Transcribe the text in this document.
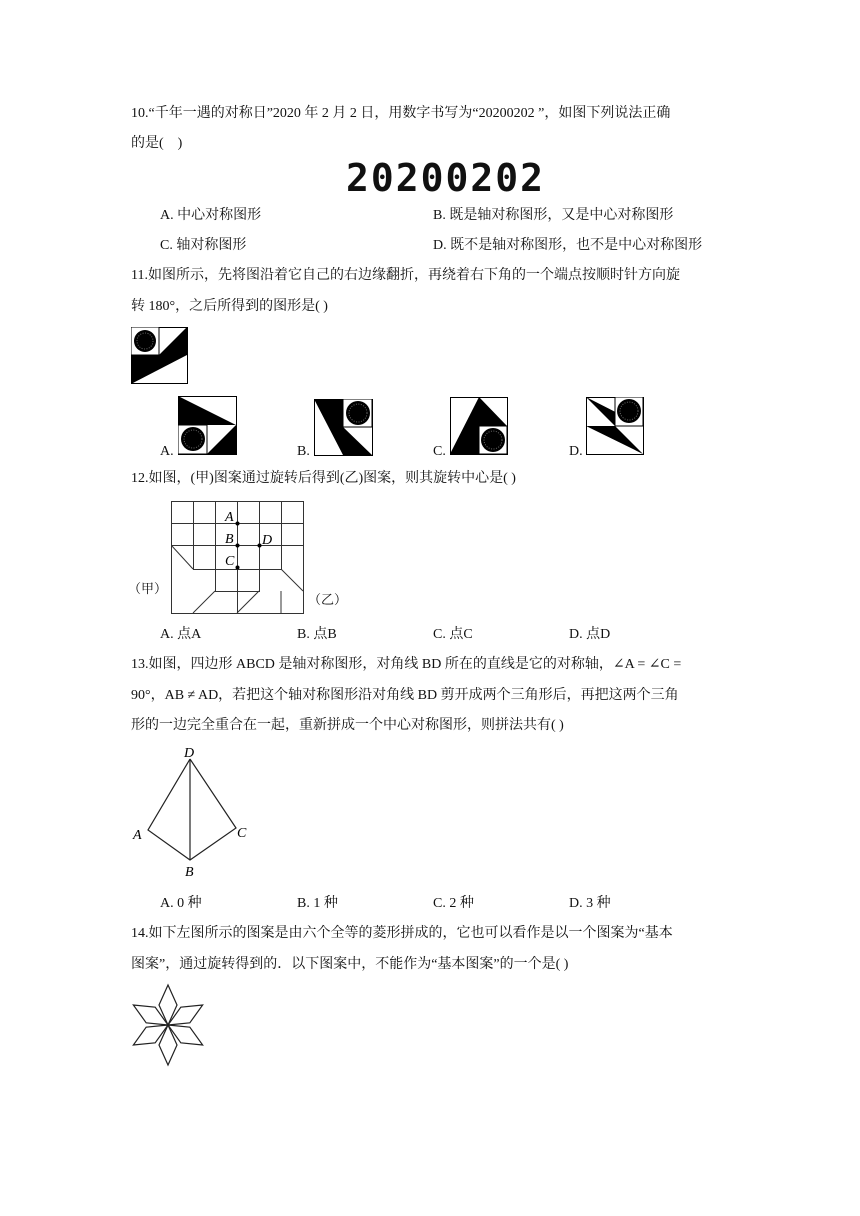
10.“千年一遇的对称日”2020 年 2 月 2 日，用数字书写为“20200202 ”，如图下列说法正确
的是(　)
20200202
A. 中心对称图形	B. 既是轴对称图形，又是中心对称图形
C. 轴对称图形	D. 既不是轴对称图形，也不是中心对称图形
11.如图所示，先将图沿着它自己的右边缘翻折，再绕着右下角的一个端点按顺时针方向旋
转 180°，之后所得到的图形是( )
A.	B.	C.	D.
12.如图，(甲)图案通过旋转后得到(乙)图案，则其旋转中心是( )
A
B
C
D
（甲）
（乙）
A. 点A	B. 点B	C. 点C	D. 点D
13.如图，四边形 ABCD 是轴对称图形，对角线 BD 所在的直线是它的对称轴，∠A = ∠C =
90°，AB ≠ AD，若把这个轴对称图形沿对角线 BD 剪开成两个三角形后，再把这两个三角
形的一边完全重合在一起，重新拼成一个中心对称图形，则拼法共有( )
D
A	C
B
A. 0 种	B. 1 种	C. 2 种	D. 3 种
14.如下左图所示的图案是由六个全等的菱形拼成的，它也可以看作是以一个图案为“基本
图案”，通过旋转得到的．以下图案中，不能作为“基本图案”的一个是( )
